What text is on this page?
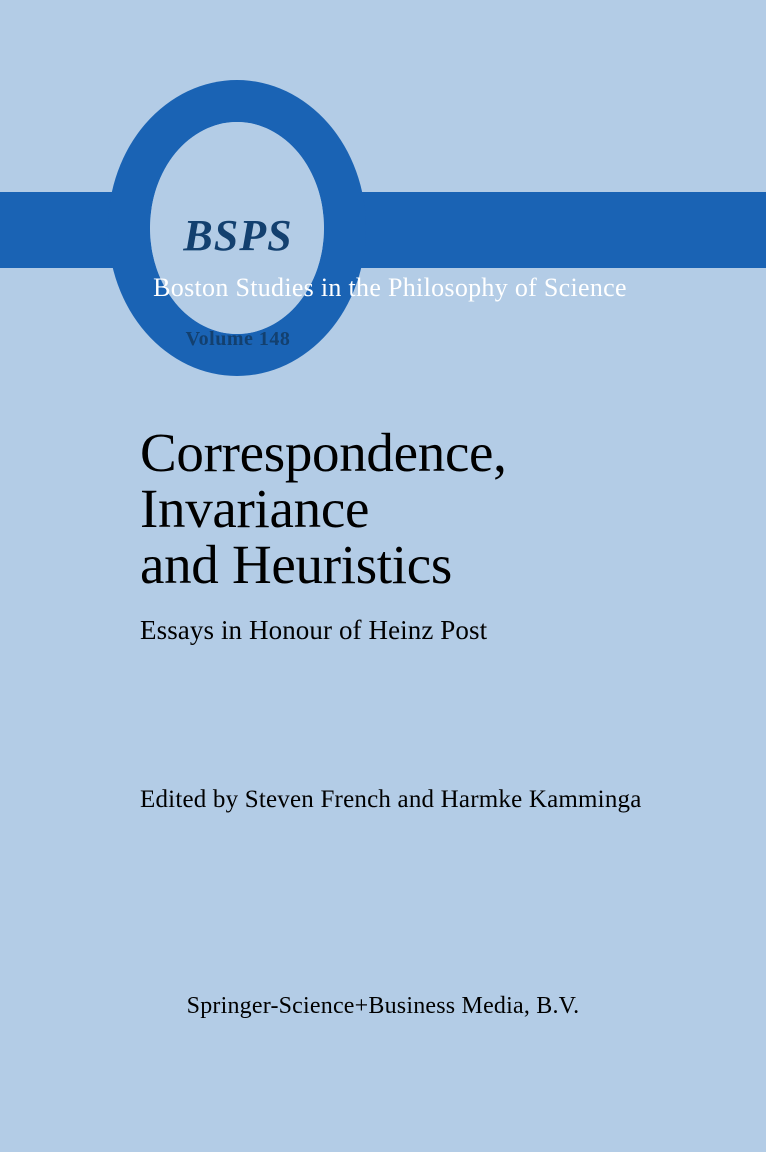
BSPS
Boston Studies in the Philosophy of Science
Volume 148
Correspondence,
Invariance
and Heuristics
Essays in Honour of Heinz Post
Edited by Steven French and Harmke Kamminga
Springer-Science+Business Media, B.V.
